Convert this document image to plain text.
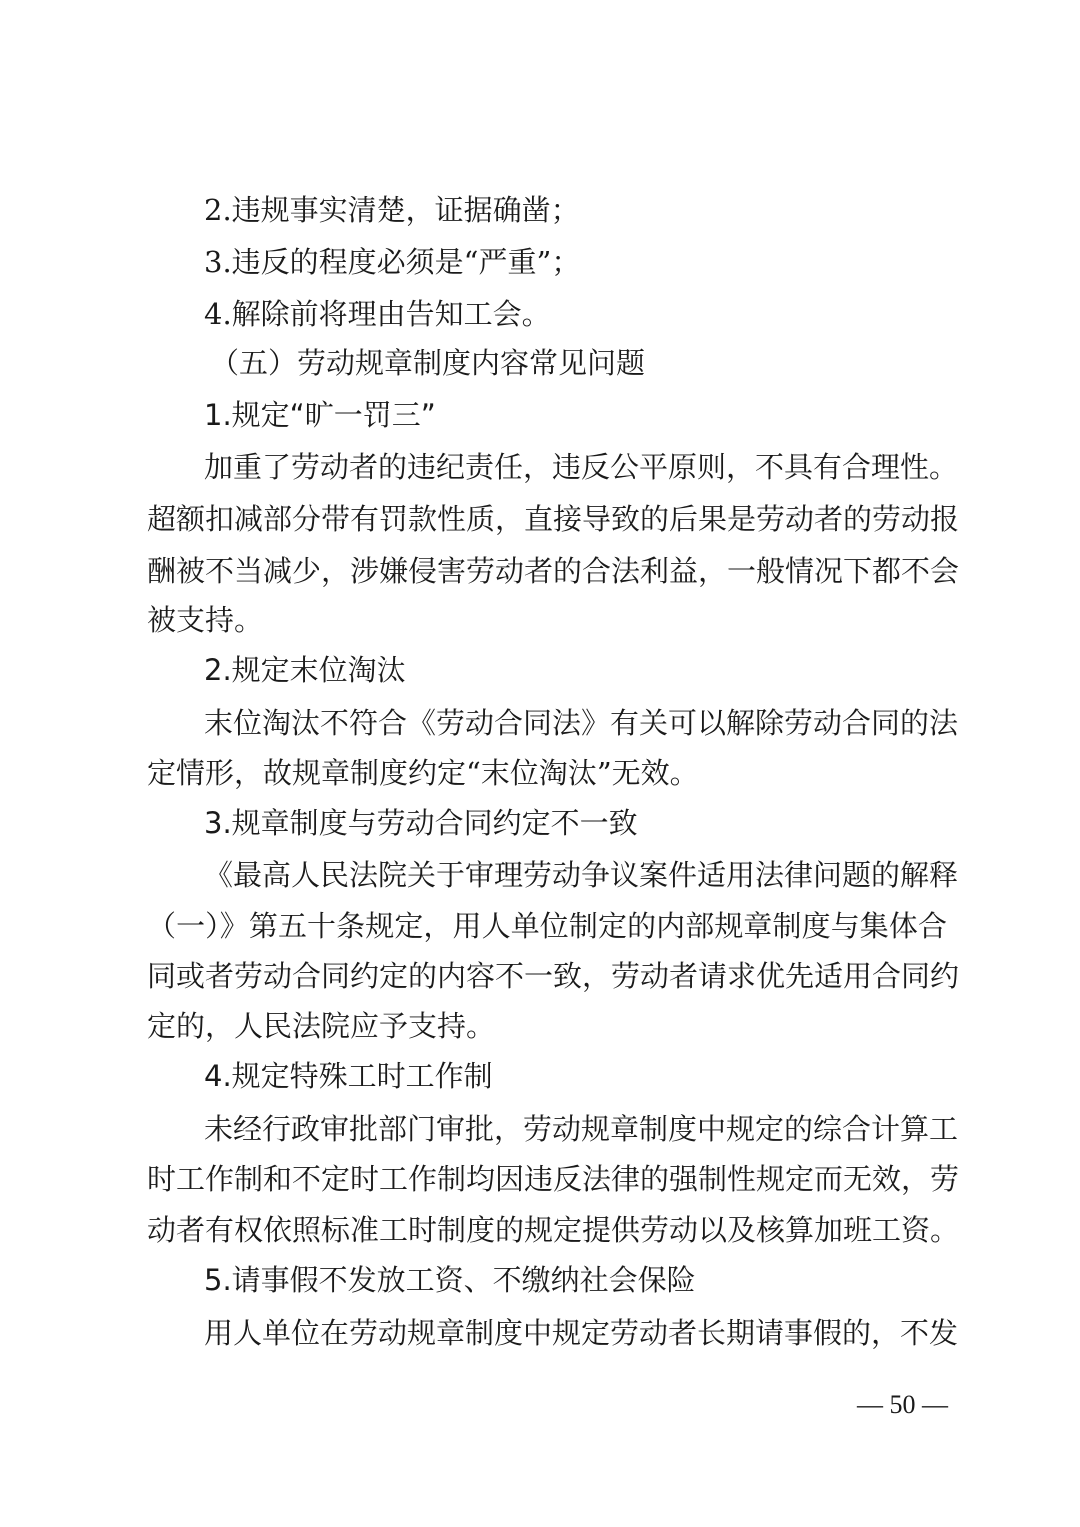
2.违规事实清楚，证据确凿；
3.违反的程度必须是“严重”；
4.解除前将理由告知工会。
（五）劳动规章制度内容常见问题
1.规定“旷一罚三”
加重了劳动者的违纪责任，违反公平原则，不具有合理性。
超额扣减部分带有罚款性质，直接导致的后果是劳动者的劳动报
酬被不当减少，涉嫌侵害劳动者的合法利益，一般情况下都不会
被支持。
2.规定末位淘汰
末位淘汰不符合《劳动合同法》有关可以解除劳动合同的法
定情形，故规章制度约定“末位淘汰”无效。
3.规章制度与劳动合同约定不一致
《最高人民法院关于审理劳动争议案件适用法律问题的解释
（一）》第五十条规定，用人单位制定的内部规章制度与集体合
同或者劳动合同约定的内容不一致，劳动者请求优先适用合同约
定的，人民法院应予支持。
4.规定特殊工时工作制
未经行政审批部门审批，劳动规章制度中规定的综合计算工
时工作制和不定时工作制均因违反法律的强制性规定而无效，劳
动者有权依照标准工时制度的规定提供劳动以及核算加班工资。
5.请事假不发放工资、不缴纳社会保险
用人单位在劳动规章制度中规定劳动者长期请事假的，不发
— 50 —
